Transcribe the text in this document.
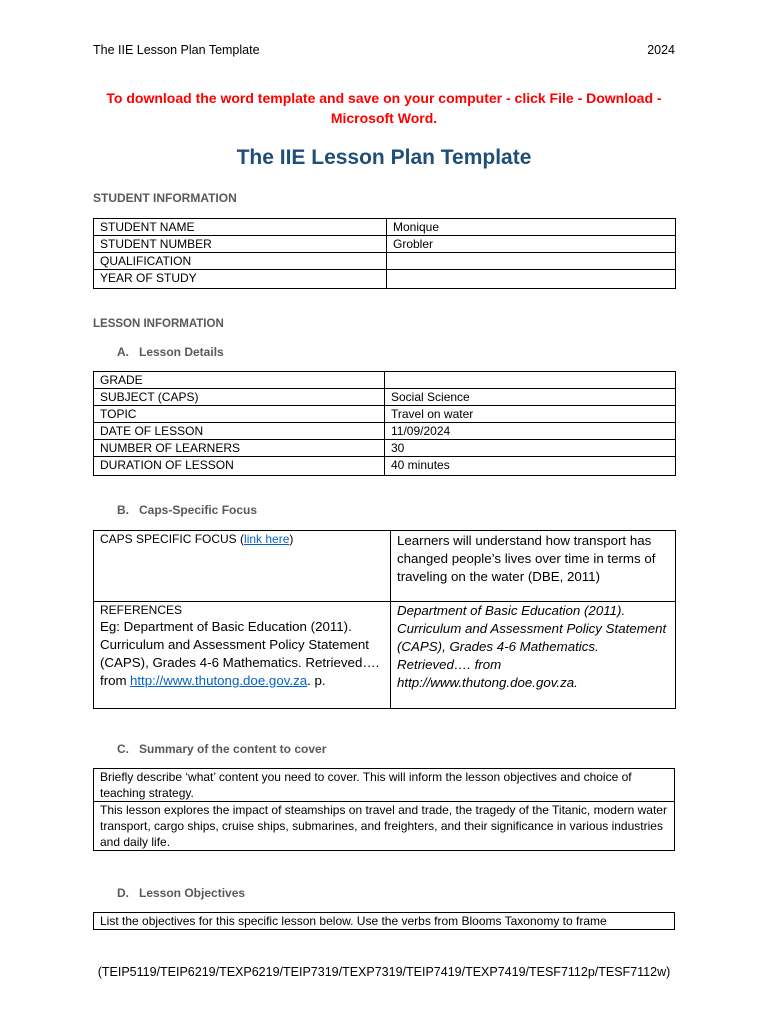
The IIE Lesson Plan Template	2024
To download the word template and save on your computer - click File - Download - Microsoft Word.
The IIE Lesson Plan Template
STUDENT INFORMATION
STUDENT NAME	Monique
STUDENT NUMBER	Grobler
QUALIFICATION	
YEAR OF STUDY	
LESSON INFORMATION
A. Lesson Details
GRADE	
SUBJECT (CAPS)	Social Science
TOPIC	Travel on water
DATE OF LESSON	11/09/2024
NUMBER OF LEARNERS	30
DURATION OF LESSON	40 minutes
B. Caps-Specific Focus
CAPS SPECIFIC FOCUS (link here)	Learners will understand how transport has changed people’s lives over time in terms of traveling on the water (DBE, 2011)
REFERENCES
Eg: Department of Basic Education (2011). Curriculum and Assessment Policy Statement (CAPS), Grades 4-6 Mathematics. Retrieved…. from http://www.thutong.doe.gov.za. p.	Department of Basic Education (2011). Curriculum and Assessment Policy Statement (CAPS), Grades 4-6 Mathematics. Retrieved…. from http://www.thutong.doe.gov.za.
C. Summary of the content to cover
Briefly describe ‘what’ content you need to cover. This will inform the lesson objectives and choice of teaching strategy.
This lesson explores the impact of steamships on travel and trade, the tragedy of the Titanic, modern water transport, cargo ships, cruise ships, submarines, and freighters, and their significance in various industries and daily life.
D. Lesson Objectives
List the objectives for this specific lesson below. Use the verbs from Blooms Taxonomy to frame
(TEIP5119/TEIP6219/TEXP6219/TEIP7319/TEXP7319/TEIP7419/TEXP7419/TESF7112p/TESF7112w)
